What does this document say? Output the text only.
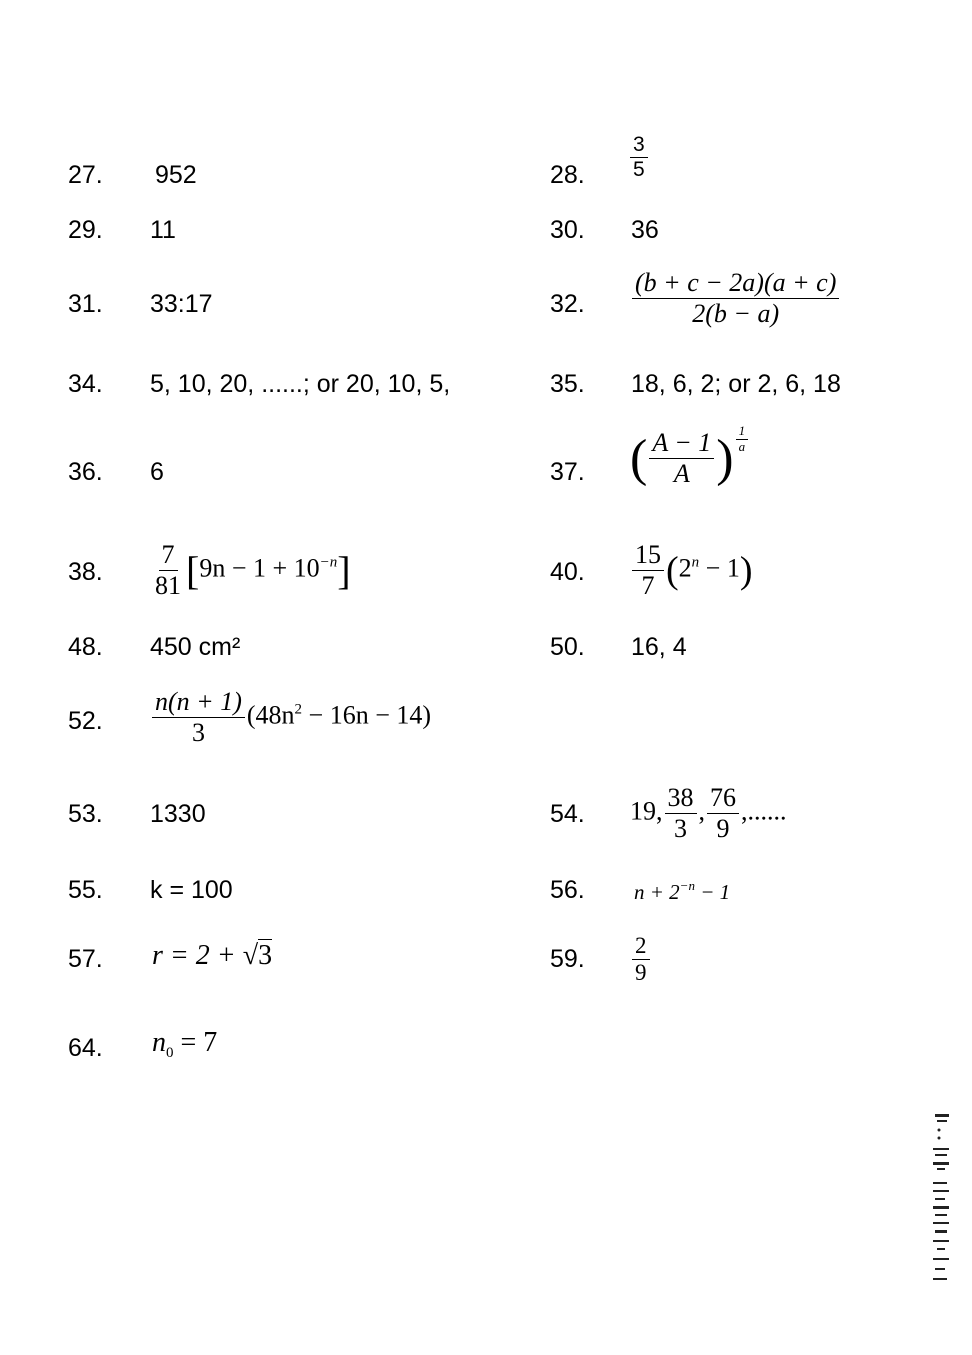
27. 952	28. $\frac{3}{5}$
29. 11	30. 36
31. 33:17	32. $\frac{(b + c - 2a)(a + c)}{2(b - a)}$
34. 5, 10, 20, ......; or 20, 10, 5,	35. 18, 6, 2; or 2, 6, 18
36. 6	37. ( $\frac{A - 1}{A}$ ) $\frac{1}{a}$
38. $\frac{7}{81} [9n - 1 + 10^{-n}]$	40. $\frac{15}{7} (2^n - 1)$
48. 450 cm²	50. 16, 4
52. $\frac{n(n + 1)}{3} (48n^2 - 16n - 14)$
53. 1330	54. 19, $\frac{38}{3}$ , $\frac{76}{9}$ ,......
55. k = 100	56. $n + 2^{-n} - 1$
57. r = 2 + √3	59. $\frac{2}{9}$
64. $n_0 = 7$
